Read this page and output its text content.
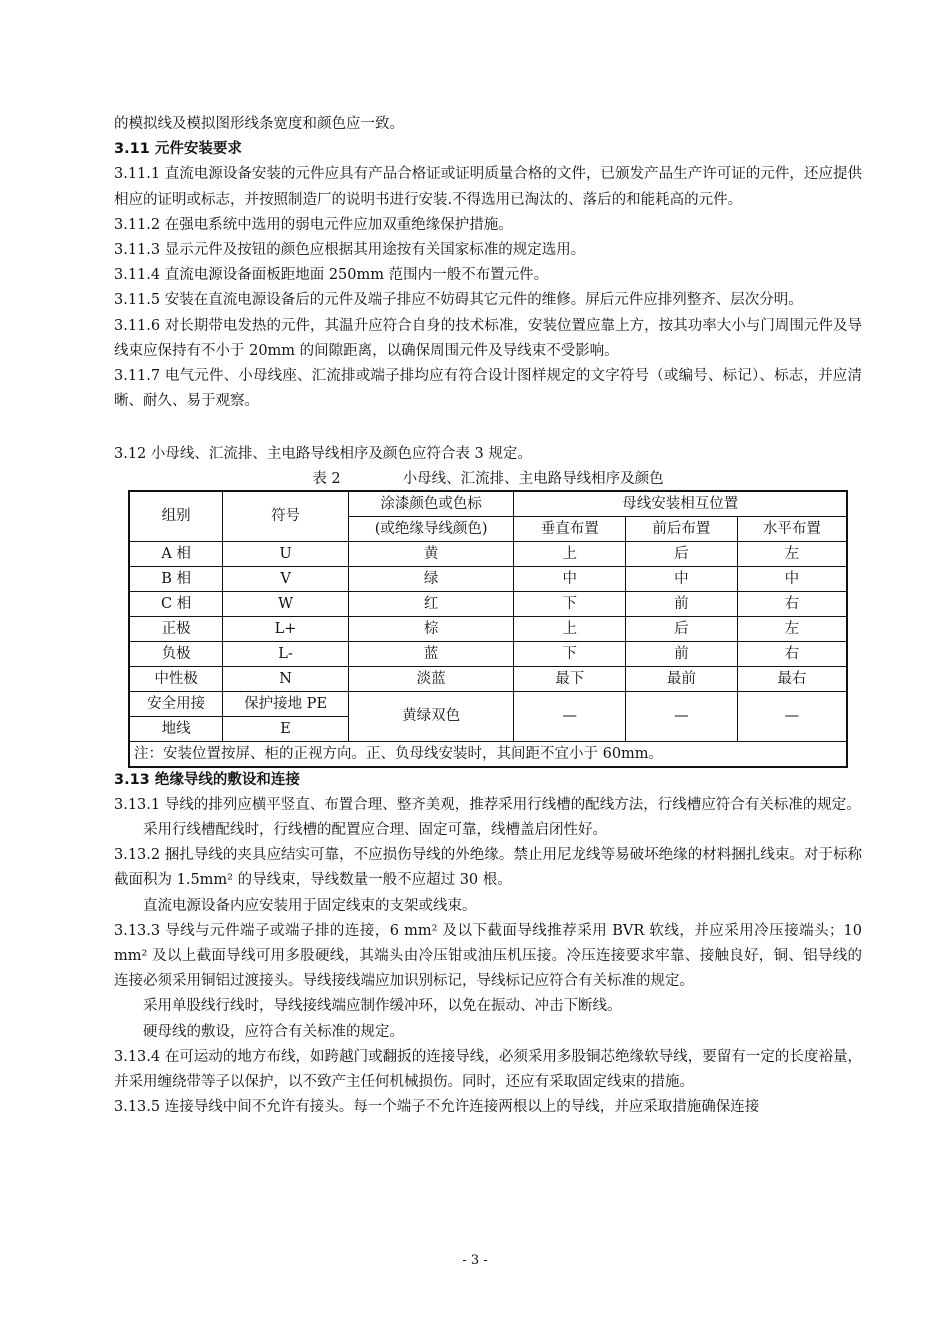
的模拟线及模拟图形线条宽度和颜色应一致。

3.11 元件安装要求

3.11.1 直流电源设备安装的元件应具有产品合格证或证明质量合格的文件，已颁发产品生产许可证的元件，还应提供相应的证明或标志，并按照制造厂的说明书进行安装.不得选用已淘汰的、落后的和能耗高的元件。

3.11.2 在强电系统中选用的弱电元件应加双重绝缘保护措施。

3.11.3 显示元件及按钮的颜色应根据其用途按有关国家标准的规定选用。

3.11.4 直流电源设备面板距地面 250mm 范围内一般不布置元件。

3.11.5 安装在直流电源设备后的元件及端子排应不妨碍其它元件的维修。屏后元件应排列整齐、层次分明。

3.11.6 对长期带电发热的元件，其温升应符合自身的技术标准，安装位置应靠上方，按其功率大小与门周围元件及导线束应保持有不小于 20mm 的间隙距离，以确保周围元件及导线束不受影响。

3.11.7 电气元件、小母线座、汇流排或端子排均应有符合设计图样规定的文字符号（或编号、标记）、标志，并应清晰、耐久、易于观察。

3.12 小母线、汇流排、主电路导线相序及颜色应符合表 3 规定。

表 2	小母线、汇流排、主电路导线相序及颜色
组别	符号	涂漆颜色或色标	母线安装相互位置		
		(或绝缘导线颜色)	垂直布置	前后布置	水平布置
A 相	U	黄	上	后	左
B 相	V	绿	中	中	中
C 相	W	红	下	前	右
正极	L+	棕	上	后	左
负极	L-	蓝	下	前	右
中性极	N	淡蓝	最下	最前	最右
安全用接	保护接地 PE	黄绿双色	—	—	—
地线	E				
注：安装位置按屏、柜的正视方向。正、负母线安装时，其间距不宜小于 60mm。					

3.13 绝缘导线的敷设和连接

3.13.1 导线的排列应横平竖直、布置合理、整齐美观，推荐采用行线槽的配线方法，行线槽应符合有关标准的规定。

采用行线槽配线时，行线槽的配置应合理、固定可靠，线槽盖启闭性好。

3.13.2 捆扎导线的夹具应结实可靠，不应损伤导线的外绝缘。禁止用尼龙线等易破坏绝缘的材料捆扎线束。对于标称截面积为 1.5mm² 的导线束，导线数量一般不应超过 30 根。

直流电源设备内应安装用于固定线束的支架或线束。

3.13.3 导线与元件端子或端子排的连接，6 mm² 及以下截面导线推荐采用 BVR 软线，并应采用冷压接端头；10 mm² 及以上截面导线可用多股硬线，其端头由冷压钳或油压机压接。冷压连接要求牢靠、接触良好，铜、铝导线的连接必须采用铜铝过渡接头。导线接线端应加识别标记，导线标记应符合有关标准的规定。

采用单股线行线时，导线接线端应制作缓冲环，以免在振动、冲击下断线。

硬母线的敷设，应符合有关标准的规定。

3.13.4 在可运动的地方布线，如跨越门或翻扳的连接导线，必须采用多股铜芯绝缘软导线，要留有一定的长度裕量，并采用缠绕带等子以保护，以不致产主任何机械损伤。同时，还应有采取固定线束的措施。

3.13.5 连接导线中间不允许有接头。每一个端子不允许连接两根以上的导线，并应采取措施确保连接

- 3 -
